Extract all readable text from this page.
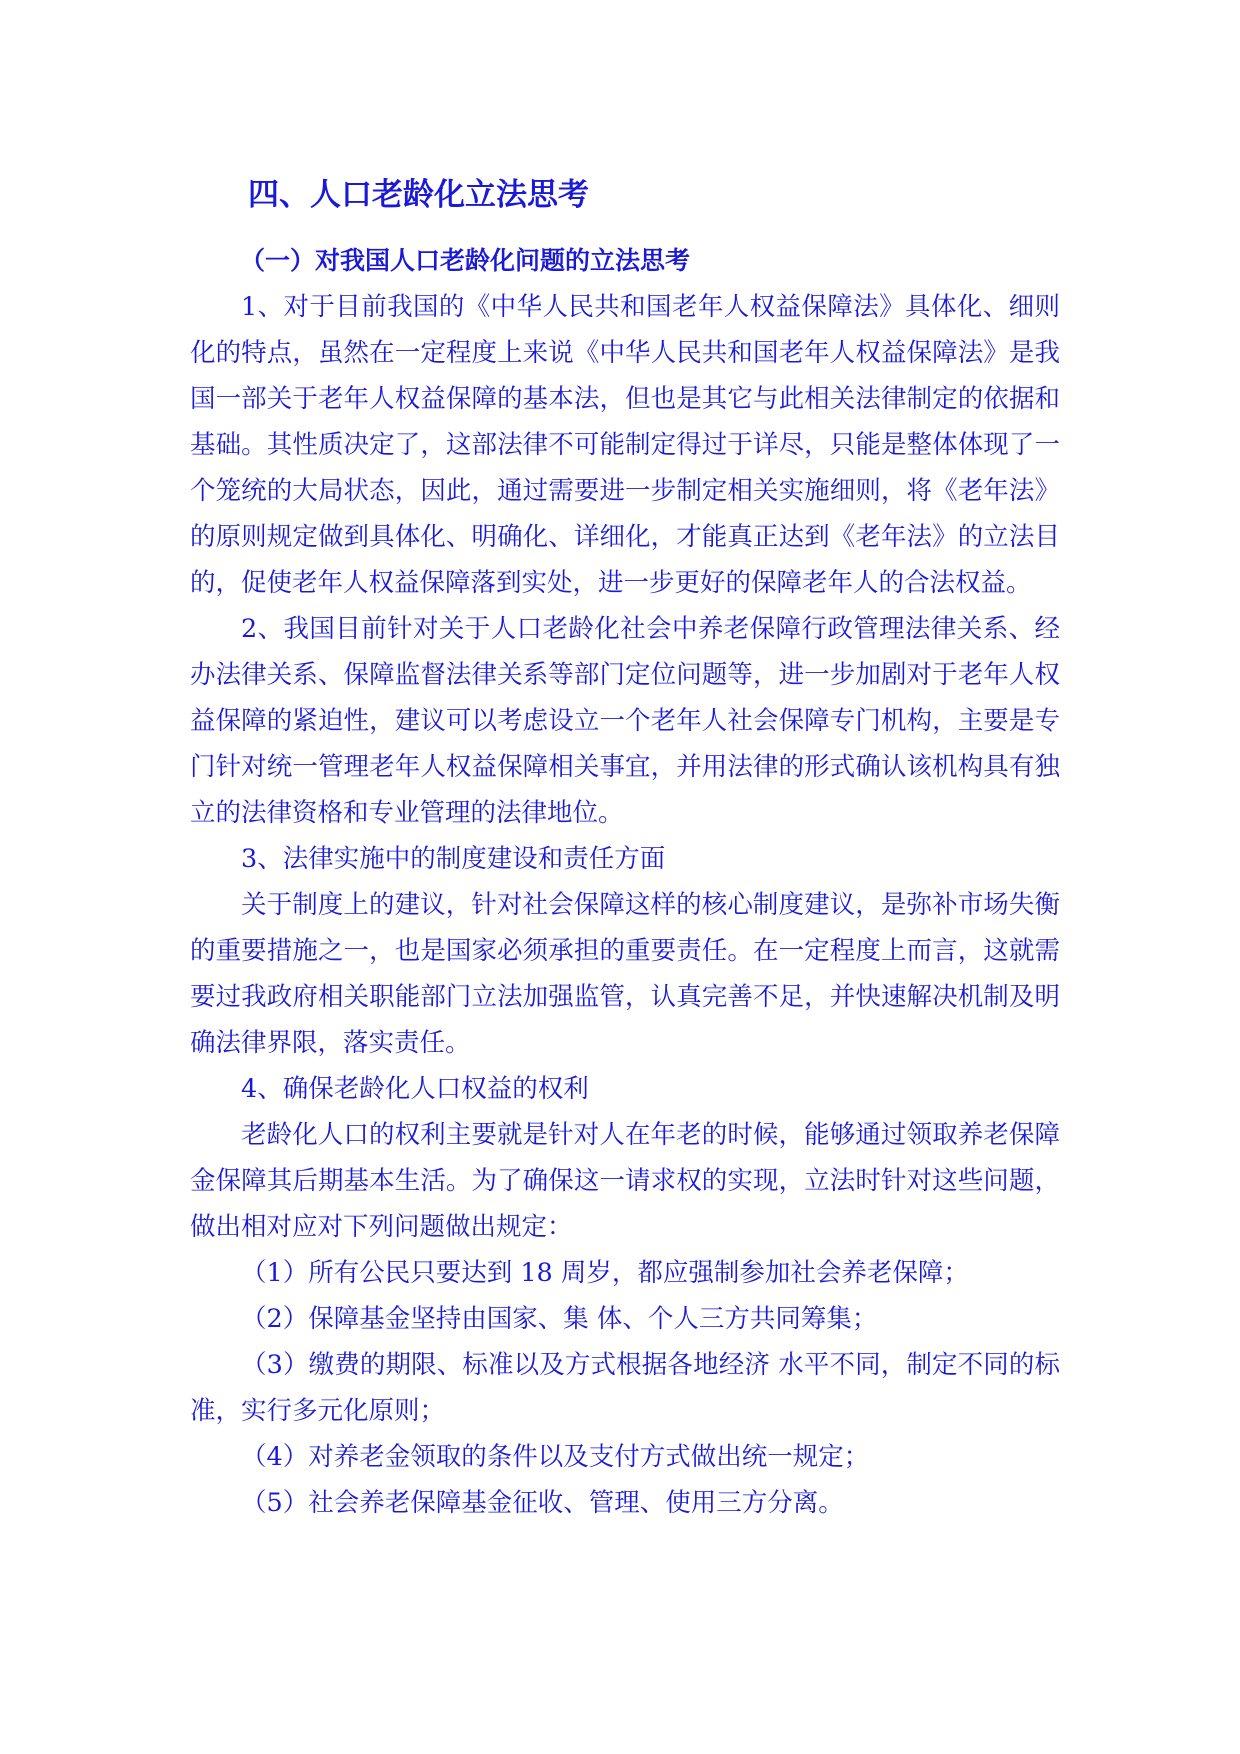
四、人口老龄化立法思考
（一）对我国人口老龄化问题的立法思考

1、对于目前我国的《中华人民共和国老年人权益保障法》具体化、细则化的特点，虽然在一定程度上来说《中华人民共和国老年人权益保障法》是我国一部关于老年人权益保障的基本法，但也是其它与此相关法律制定的依据和基础。其性质决定了，这部法律不可能制定得过于详尽，只能是整体体现了一个笼统的大局状态，因此，通过需要进一步制定相关实施细则，将《老年法》的原则规定做到具体化、明确化、详细化，才能真正达到《老年法》的立法目的，促使老年人权益保障落到实处，进一步更好的保障老年人的合法权益。

2、我国目前针对关于人口老龄化社会中养老保障行政管理法律关系、经办法律关系、保障监督法律关系等部门定位问题等，进一步加剧对于老年人权益保障的紧迫性，建议可以考虑设立一个老年人社会保障专门机构，主要是专门针对统一管理老年人权益保障相关事宜，并用法律的形式确认该机构具有独立的法律资格和专业管理的法律地位。

3、法律实施中的制度建设和责任方面

关于制度上的建议，针对社会保障这样的核心制度建议，是弥补市场失衡的重要措施之一，也是国家必须承担的重要责任。在一定程度上而言，这就需要过我政府相关职能部门立法加强监管，认真完善不足，并快速解决机制及明确法律界限，落实责任。

4、确保老龄化人口权益的权利

老龄化人口的权利主要就是针对人在年老的时候，能够通过领取养老保障金保障其后期基本生活。为了确保这一请求权的实现，立法时针对这些问题，做出相对应对下列问题做出规定：

（1）所有公民只要达到 18 周岁，都应强制参加社会养老保障；

（2）保障基金坚持由国家、集 体、个人三方共同筹集；

（3）缴费的期限、标准以及方式根据各地经济 水平不同，制定不同的标准，实行多元化原则；

（4）对养老金领取的条件以及支付方式做出统一规定；

（5）社会养老保障基金征收、管理、使用三方分离。
